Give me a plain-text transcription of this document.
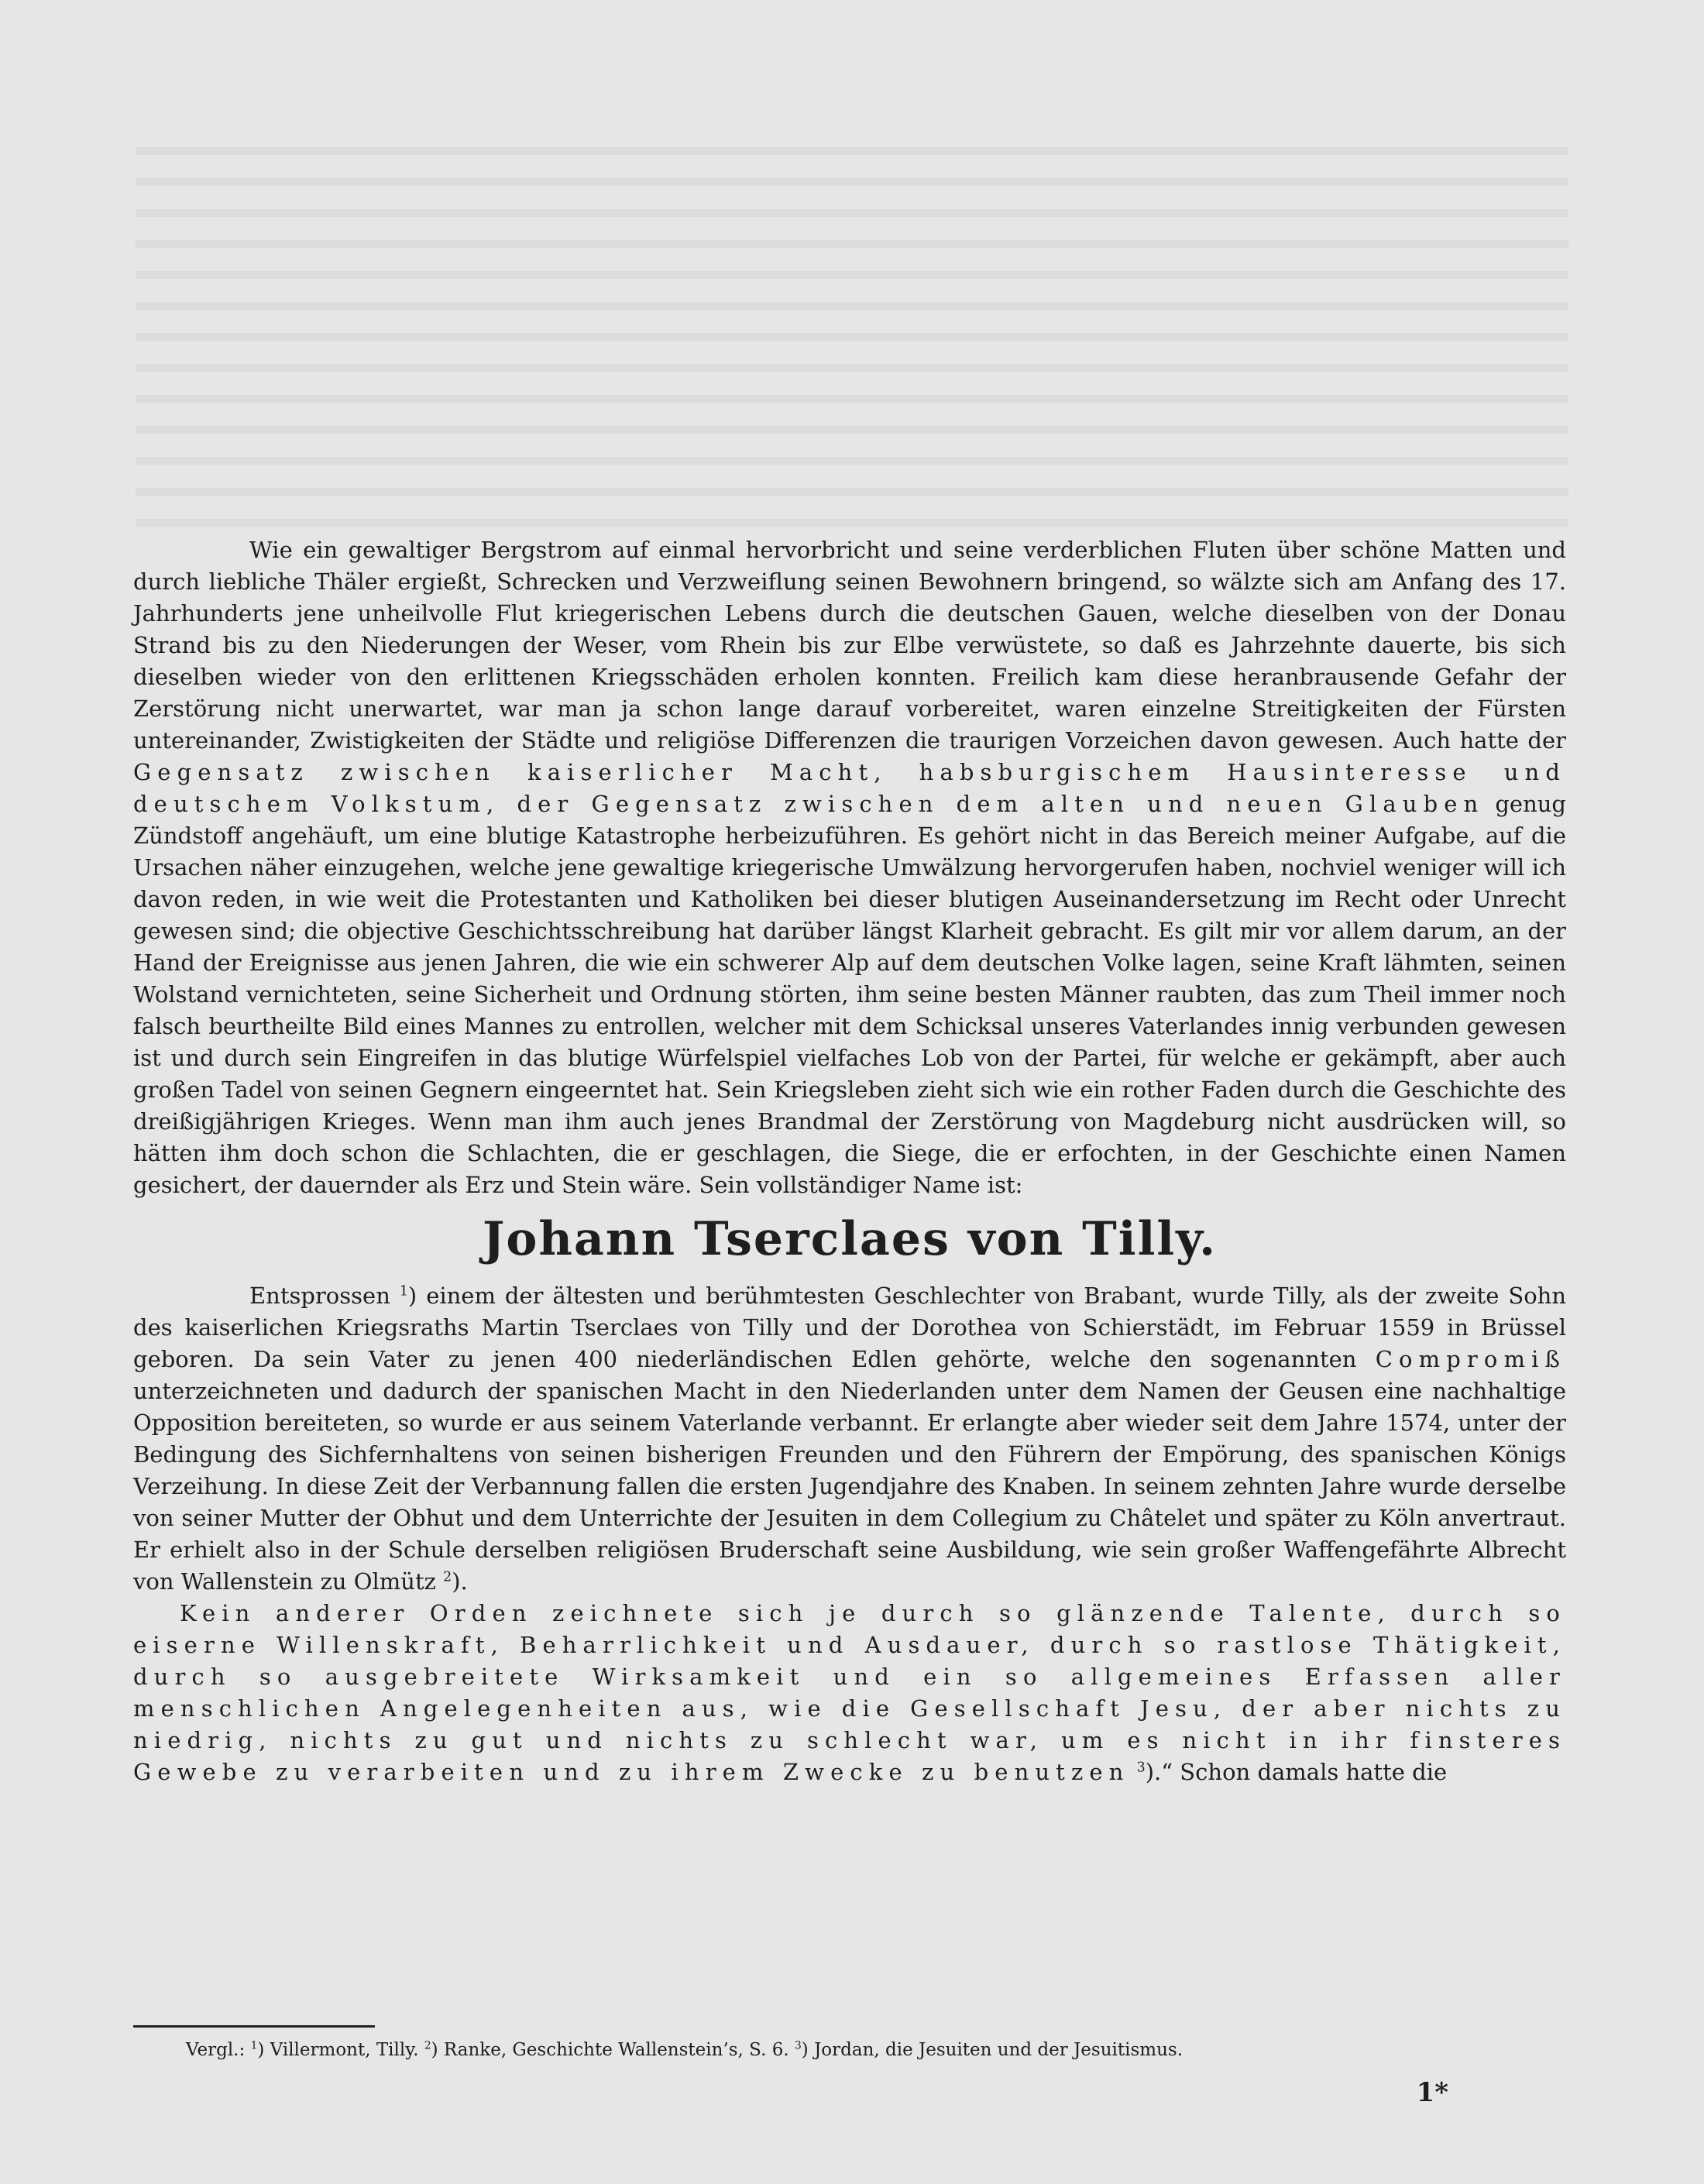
Wie ein gewaltiger Bergstrom auf einmal hervorbricht und seine verderblichen Fluten über schöne Matten und durch liebliche Thäler ergießt, Schrecken und Verzweiflung seinen Bewohnern bringend, so wälzte sich am Anfang des 17. Jahrhunderts jene unheilvolle Flut kriegerischen Lebens durch die deutschen Gauen, welche dieselben von der Donau Strand bis zu den Niederungen der Weser, vom Rhein bis zur Elbe verwüstete, so daß es Jahrzehnte dauerte, bis sich dieselben wieder von den erlittenen Kriegsschäden erholen konnten. Freilich kam diese heranbrausende Gefahr der Zerstörung nicht unerwartet, war man ja schon lange darauf vorbereitet, waren einzelne Streitigkeiten der Fürsten untereinander, Zwistigkeiten der Städte und religiöse Differenzen die traurigen Vorzeichen davon gewesen. Auch hatte der Gegensatz zwischen kaiserlicher Macht, habsburgischem Hausinteresse und deutschem Volkstum, der Gegensatz zwischen dem alten und neuen Glauben genug Zündstoff angehäuft, um eine blutige Katastrophe herbeizuführen. Es gehört nicht in das Bereich meiner Aufgabe, auf die Ursachen näher einzugehen, welche jene gewaltige kriegerische Umwälzung hervorgerufen haben, nochviel weniger will ich davon reden, in wie weit die Protestanten und Katholiken bei dieser blutigen Auseinandersetzung im Recht oder Unrecht gewesen sind; die objective Geschichtsschreibung hat darüber längst Klarheit gebracht. Es gilt mir vor allem darum, an der Hand der Ereignisse aus jenen Jahren, die wie ein schwerer Alp auf dem deutschen Volke lagen, seine Kraft lähmten, seinen Wolstand vernichteten, seine Sicherheit und Ordnung störten, ihm seine besten Männer raubten, das zum Theil immer noch falsch beurtheilte Bild eines Mannes zu entrollen, welcher mit dem Schicksal unseres Vaterlandes innig verbunden gewesen ist und durch sein Eingreifen in das blutige Würfelspiel vielfaches Lob von der Partei, für welche er gekämpft, aber auch großen Tadel von seinen Gegnern eingeerntet hat. Sein Kriegsleben zieht sich wie ein rother Faden durch die Geschichte des dreißigjährigen Krieges. Wenn man ihm auch jenes Brandmal der Zerstörung von Magdeburg nicht ausdrücken will, so hätten ihm doch schon die Schlachten, die er geschlagen, die Siege, die er erfochten, in der Geschichte einen Namen gesichert, der dauernder als Erz und Stein wäre. Sein vollständiger Name ist:

Johann Tserclaes von Tilly.

Entsprossen $^1$) einem der ältesten und berühmtesten Geschlechter von Brabant, wurde Tilly, als der zweite Sohn des kaiserlichen Kriegsraths Martin Tserclaes von Tilly und der Dorothea von Schierstädt, im Februar 1559 in Brüssel geboren. Da sein Vater zu jenen 400 niederländischen Edlen gehörte, welche den sogenannten Compromiß unterzeichneten und dadurch der spanischen Macht in den Niederlanden unter dem Namen der Geusen eine nachhaltige Opposition bereiteten, so wurde er aus seinem Vaterlande verbannt. Er erlangte aber wieder seit dem Jahre 1574, unter der Bedingung des Sichfernhaltens von seinen bisherigen Freunden und den Führern der Empörung, des spanischen Königs Verzeihung. In diese Zeit der Verbannung fallen die ersten Jugendjahre des Knaben. In seinem zehnten Jahre wurde derselbe von seiner Mutter der Obhut und dem Unterrichte der Jesuiten in dem Collegium zu Châtelet und später zu Köln anvertraut. Er erhielt also in der Schule derselben religiösen Bruderschaft seine Ausbildung, wie sein großer Waffengefährte Albrecht von Wallenstein zu Olmütz $^2$).

Kein anderer Orden zeichnete sich je durch so glänzende Talente, durch so eiserne Willenskraft, Beharrlichkeit und Ausdauer, durch so rastlose Thätigkeit, durch so ausgebreitete Wirksamkeit und ein so allgemeines Erfassen aller menschlichen Angelegenheiten aus, wie die Gesellschaft Jesu, der aber nichts zu niedrig, nichts zu gut und nichts zu schlecht war, um es nicht in ihr finsteres Gewebe zu verarbeiten und zu ihrem Zwecke zu benutzen $^3$).“ Schon damals hatte die

Vergl.: $^1$) Villermont, Tilly. $^2$) Ranke, Geschichte Wallenstein’s, S. 6. $^3$) Jordan, die Jesuiten und der Jesuitismus.
1*
